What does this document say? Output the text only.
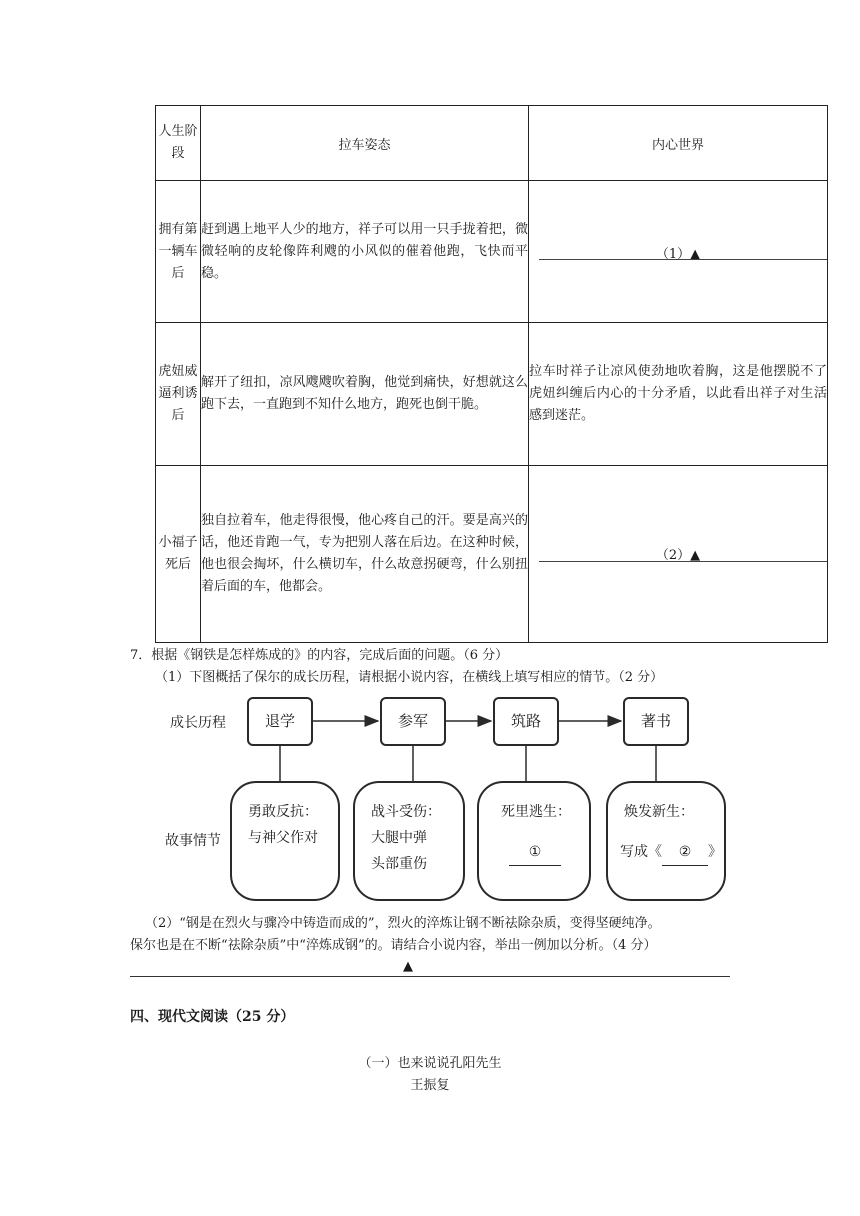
人生阶段	拉车姿态	内心世界
拥有第一辆车后	赶到遇上地平人少的地方，祥子可以用一只手拢着把，微微轻响的皮轮像阵利飕的小风似的催着他跑，飞快而平稳。	（1）▲

虎妞威逼利诱后	解开了纽扣，凉风飕飕吹着胸，他觉到痛快，好想就这么跑下去，一直跑到不知什么地方，跑死也倒干脆。	拉车时祥子让凉风使劲地吹着胸，这是他摆脱不了虎妞纠缠后内心的十分矛盾，以此看出祥子对生活感到迷茫。
小福子死后	独自拉着车，他走得很慢，他心疼自己的汗。要是高兴的话，他还肯跑一气，专为把别人落在后边。在这种时候，他也很会掏坏，什么横切车，什么故意拐硬弯，什么别扭着后面的车，他都会。	（2）▲
7．根据《钢铁是怎样炼成的》的内容，完成后面的问题。（6 分）
（1）下图概括了保尔的成长历程，请根据小说内容，在横线上填写相应的情节。（2 分）
成长历程
故事情节
退学	参军	筑路	著书
勇敢反抗：
与神父作对
战斗受伤：
大腿中弹
头部重伤
死里逃生：
①
焕发新生：
写成《 ② 》
（2）“钢是在烈火与骤冷中铸造而成的”，烈火的淬炼让钢不断祛除杂质，变得坚硬纯净。
保尔也是在不断“祛除杂质”中“淬炼成钢”的。请结合小说内容，举出一例加以分析。（4 分）
▲
四、现代文阅读（25 分）
（一）也来说说孔阳先生
王振复
